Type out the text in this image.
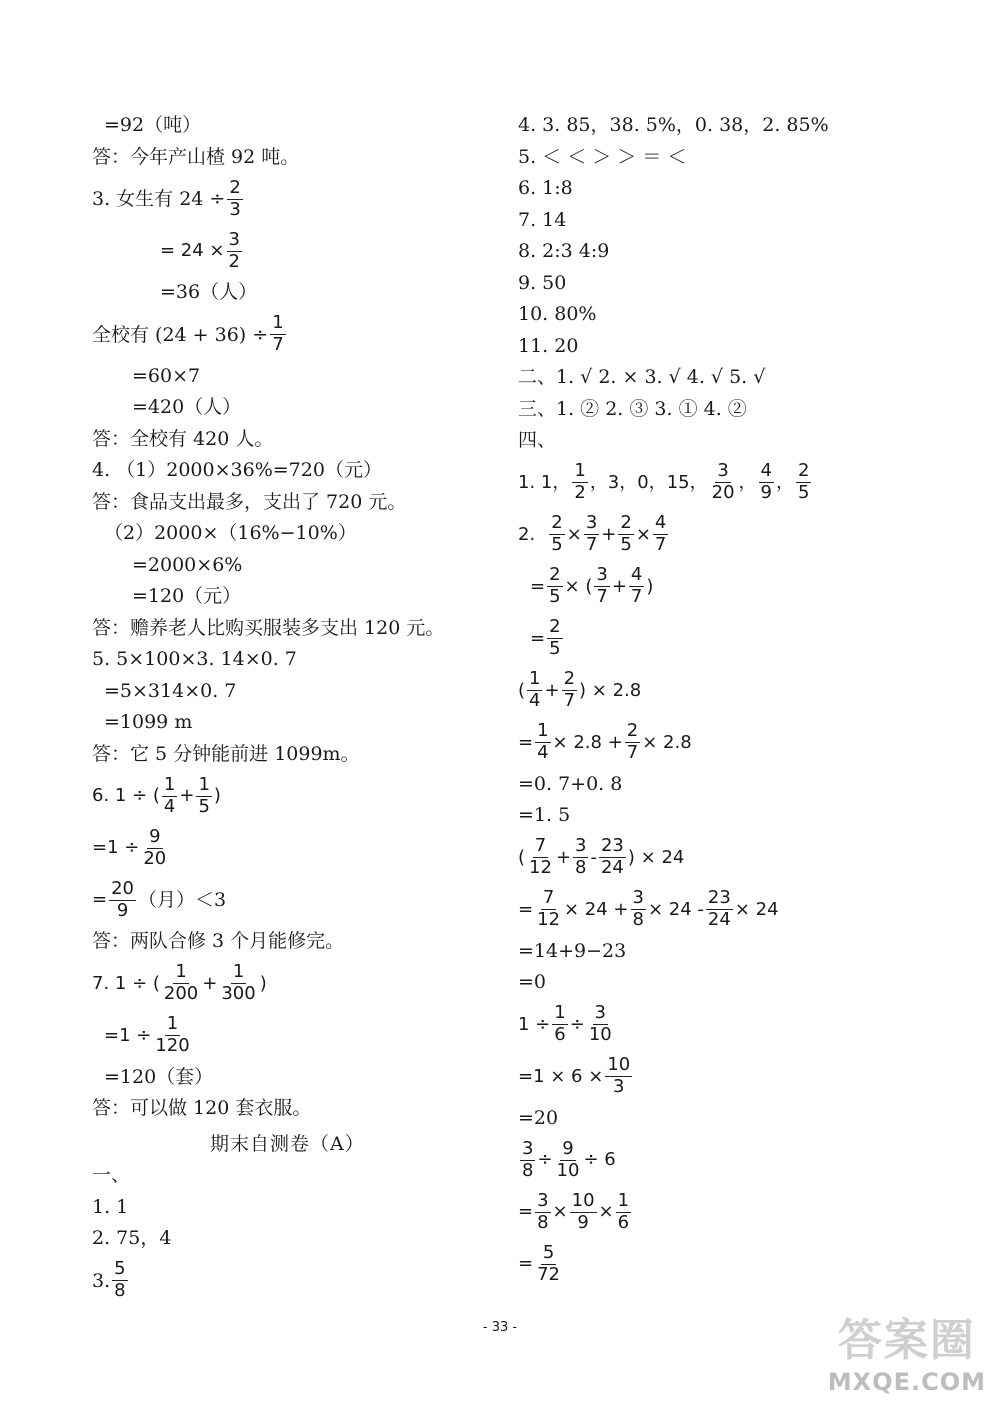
=92（吨）
答：今年产山楂 92 吨。
3. 女生有 $24 \div \frac{2}{3}$
= $24 \times \frac{3}{2}$
=36（人）
全校有 $(24 + 36) \div \frac{1}{7}$
=60×7
=420（人）
答：全校有 420 人。
4. （1）2000×36%=720（元）
答：食品支出最多，支出了 720 元。
（2）2000×（16%−10%）
=2000×6%
=120（元）
答：赡养老人比购买服装多支出 120 元。
5. 5×100×3. 14×0. 7
=5×314×0. 7
=1099 m
答：它 5 分钟能前进 1099m。
6. 1 ÷ ( $\frac{1}{4} + \frac{1}{5}$ )
$=1 \div \frac{9}{20}$
= $\frac{20}{9}$ （月）＜3
答：两队合修 3 个月能修完。
7. 1 ÷ ( $\frac{1}{200} + \frac{1}{300}$ )
$=1 \div \frac{1}{120}$
=120（套）
答：可以做 120 套衣服。
期末自测卷（A）
一、
1. 1
2. 75，4
3. $\frac{5}{8}$
4. 3. 85，38. 5%，0. 38，2. 85%
5. ＜ ＜ ＞ ＞ ＝ ＜
6. 1:8
7. 14
8. 2:3 4:9
9. 50
10. 80%
11. 20
二、1. √ 2. × 3. √ 4. √ 5. √
三、1. ② 2. ③ 3. ① 4. ②
四、
1. 1， $\frac{1}{2}$ ，3，0，15， $\frac{3}{20}$ ， $\frac{4}{9}$ ， $\frac{2}{5}$
2.
$\frac{2}{5} \times \frac{3}{7} + \frac{2}{5} \times \frac{4}{7}$
= $\frac{2}{5}$ × ( $\frac{3}{7} + \frac{4}{7}$ )
= $\frac{2}{5}$
( $\frac{1}{4} + \frac{2}{7}$ ) × 2.8
= $\frac{1}{4} \times 2.8 + \frac{2}{7} \times 2.8$
=0. 7+0. 8
=1. 5
( $\frac{7}{12} + \frac{3}{8} - \frac{23}{24}$ ) × 24
= $\frac{7}{12} \times 24 + \frac{3}{8} \times 24 - \frac{23}{24} \times 24$
=14+9−23
=0
$1 \div \frac{1}{6} \div \frac{3}{10}$
$=1 \times 6 \times \frac{10}{3}$
=20
$\frac{3}{8} \div \frac{9}{10} \div 6$
= $\frac{3}{8} \times \frac{10}{9} \times \frac{1}{6}$
= $\frac{5}{72}$
- 33 -	答案圈
MXQE.COM
